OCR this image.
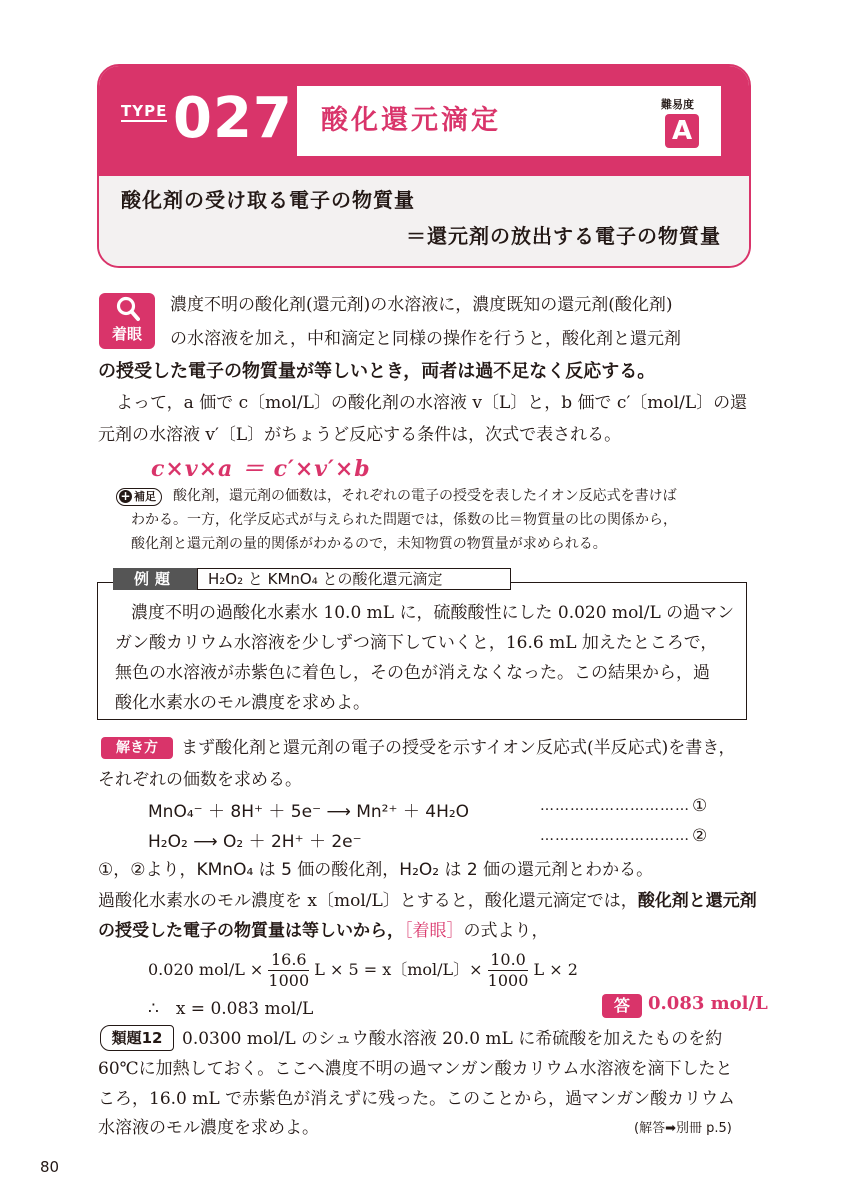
TYPE 027 酸化還元滴定
難易度
A
酸化剤の受け取る電子の物質量
＝還元剤の放出する電子の物質量
着眼
濃度不明の酸化剤(還元剤)の水溶液に，濃度既知の還元剤(酸化剤)
の水溶液を加え，中和滴定と同様の操作を行うと，酸化剤と還元剤
の授受した電子の物質量が等しいとき，両者は過不足なく反応する。
よって，a 価で c〔mol/L〕の酸化剤の水溶液 v〔L〕と，b 価で c′〔mol/L〕の還
元剤の水溶液 v′〔L〕がちょうど反応する条件は，次式で表される。
c×v×a ＝ c′×v′×b
+ 補足	酸化剤，還元剤の価数は，それぞれの電子の授受を表したイオン反応式を書けば
わかる。一方，化学反応式が与えられた問題では，係数の比＝物質量の比の関係から，
酸化剤と還元剤の量的関係がわかるので，未知物質の物質量が求められる。
例題	H₂O₂ と KMnO₄ との酸化還元滴定
濃度不明の過酸化水素水 10.0 mL に，硫酸酸性にした 0.020 mol/L の過マン
ガン酸カリウム水溶液を少しずつ滴下していくと，16.6 mL 加えたところで，
無色の水溶液が赤紫色に着色し，その色が消えなくなった。この結果から，過
酸化水素水のモル濃度を求めよ。
解き方	まず酸化剤と還元剤の電子の授受を示すイオン反応式(半反応式)を書き，
それぞれの価数を求める。
MnO₄⁻ ＋ 8H⁺ ＋ 5e⁻ ⟶ Mn²⁺ ＋ 4H₂O	………………………… ①
H₂O₂ ⟶ O₂ ＋ 2H⁺ ＋ 2e⁻	………………………… ②
①，②より，KMnO₄ は 5 価の酸化剤，H₂O₂ は 2 価の還元剤とわかる。
過酸化水素水のモル濃度を x〔mol/L〕とすると，酸化還元滴定では，酸化剤と還元剤
の授受した電子の物質量は等しいから，［着眼］の式より，
0.020 $mol/L \times \frac{16.6}{1000}$ L × 5 = x〔mol/L〕× $\frac{10.0}{1000}$ L × 2
∴　x = 0.083 mol/L	答	0.083 mol/L
類題12	0.0300 mol/L のシュウ酸水溶液 20.0 mL に希硫酸を加えたものを約
60℃に加熱しておく。ここへ濃度不明の過マンガン酸カリウム水溶液を滴下したと
ころ，16.0 mL で赤紫色が消えずに残った。このことから，過マンガン酸カリウム
水溶液のモル濃度を求めよ。	(解答➡別冊 p.5)
80
